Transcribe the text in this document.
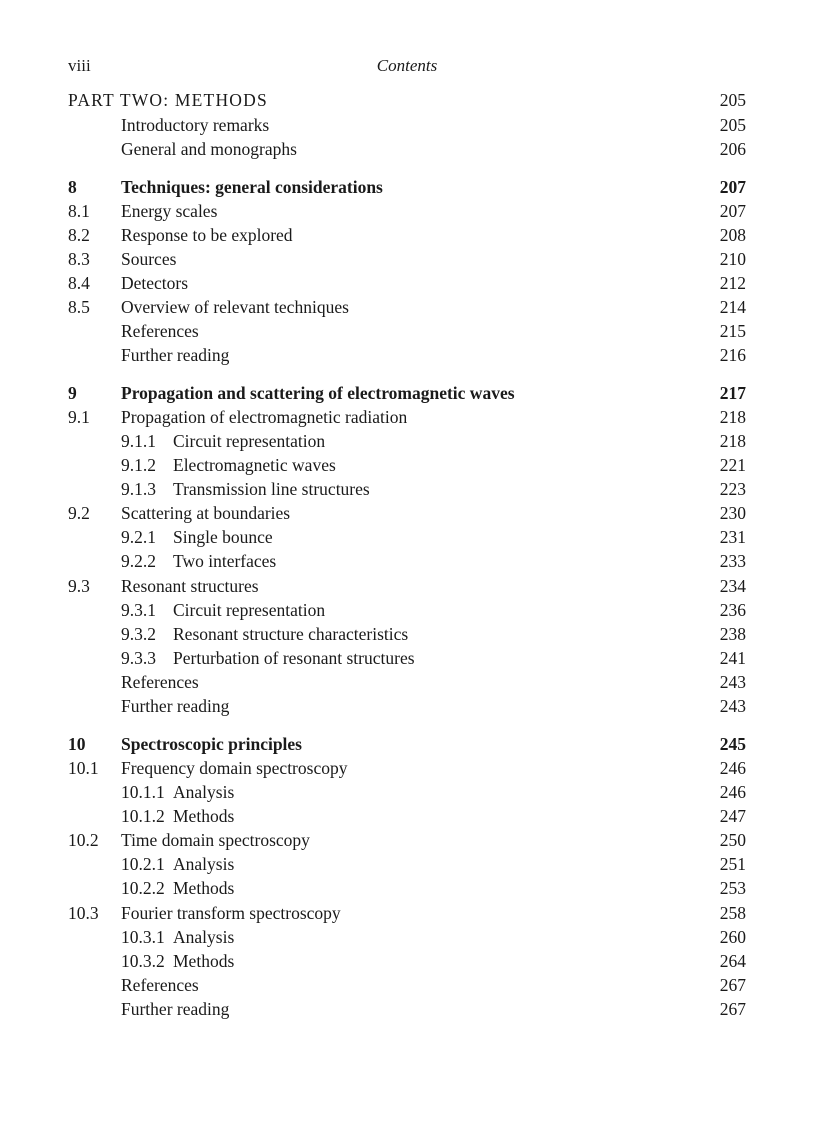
viii	Contents
PART TWO: METHODS	205
Introductory remarks	205
General and monographs	206
8	Techniques: general considerations	207
8.1 Energy scales	207
8.2 Response to be explored	208
8.3 Sources	210
8.4 Detectors	212
8.5 Overview of relevant techniques	214
References	215
Further reading	216
9	Propagation and scattering of electromagnetic waves	217
9.1 Propagation of electromagnetic radiation	218
9.1.1 Circuit representation	218
9.1.2 Electromagnetic waves	221
9.1.3 Transmission line structures	223
9.2 Scattering at boundaries	230
9.2.1 Single bounce	231
9.2.2 Two interfaces	233
9.3 Resonant structures	234
9.3.1 Circuit representation	236
9.3.2 Resonant structure characteristics	238
9.3.3 Perturbation of resonant structures	241
References	243
Further reading	243
10 Spectroscopic principles	245
10.1 Frequency domain spectroscopy	246
10.1.1 Analysis	246
10.1.2 Methods	247
10.2 Time domain spectroscopy	250
10.2.1 Analysis	251
10.2.2 Methods	253
10.3 Fourier transform spectroscopy	258
10.3.1 Analysis	260
10.3.2 Methods	264
References	267
Further reading	267
